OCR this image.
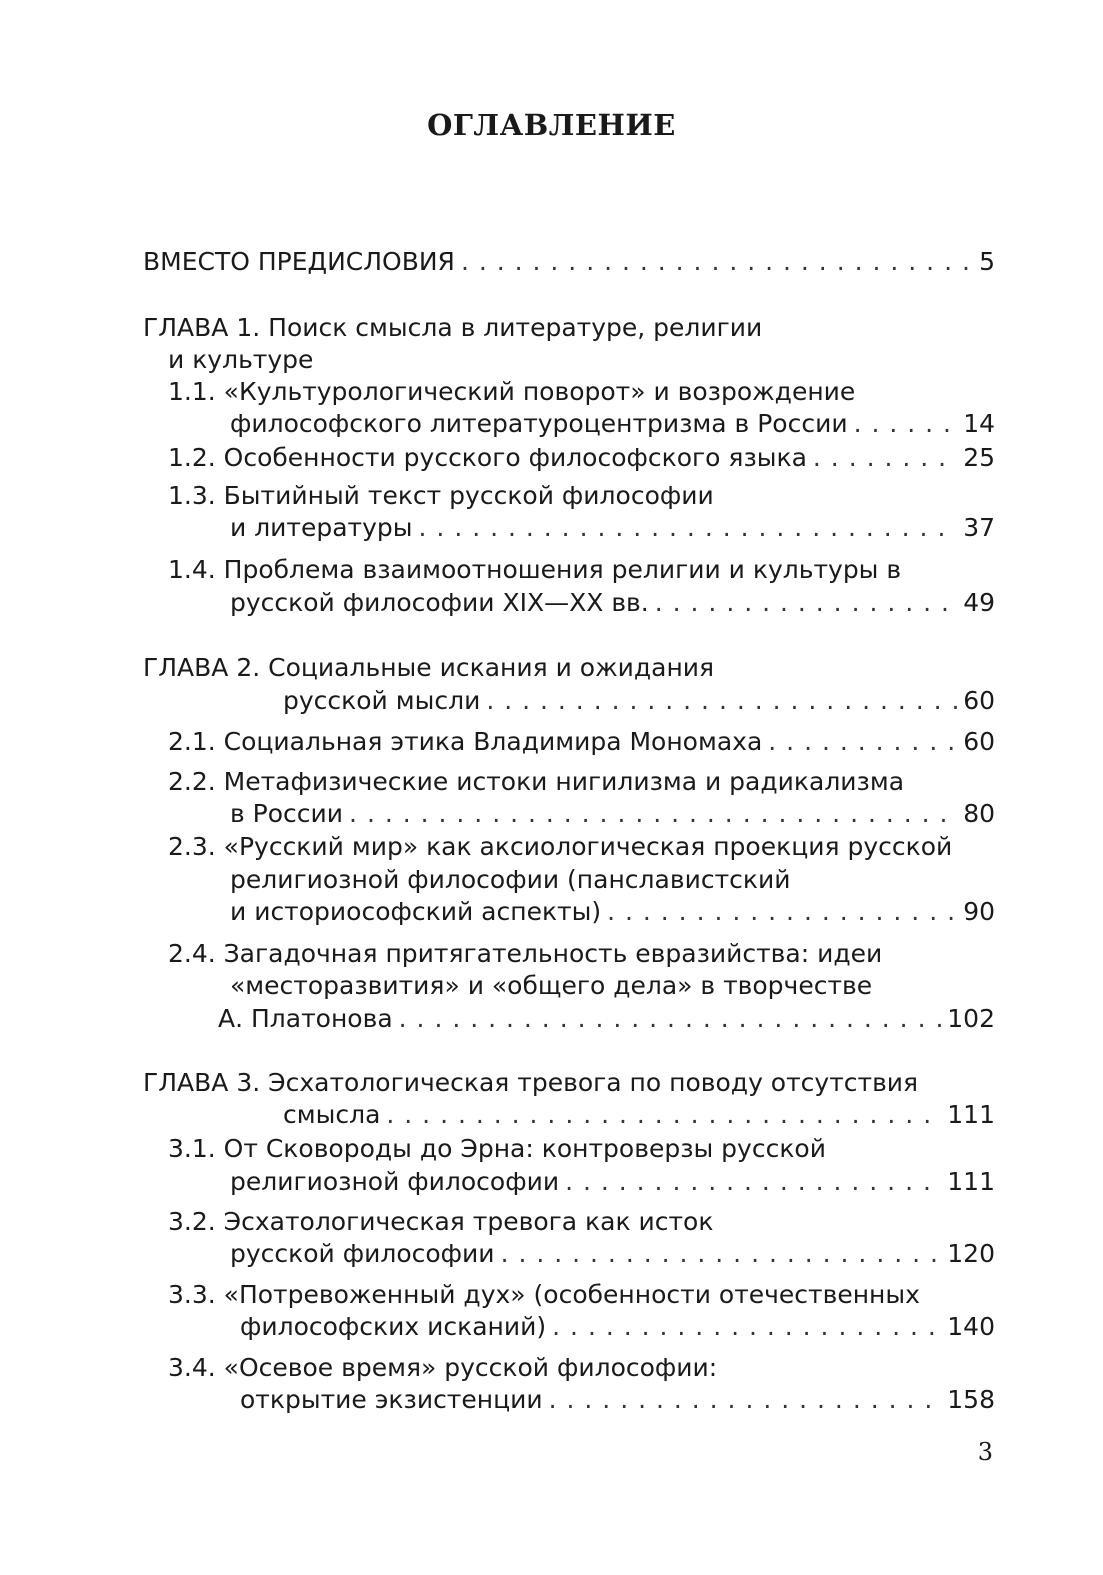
ОГЛАВЛЕНИЕ
ВМЕСТО ПРЕДИСЛОВИЯ . . .	5
ГЛАВА 1. Поиск смысла в литературе, религии
и культуре
1.1. «Культурологический поворот» и возрождение
философского литературоцентризма в России . . .	14
1.2. Особенности русского философского языка . . .	25
1.3. Бытийный текст русской философии
и литературы . . .	37
1.4. Проблема взаимоотношения религии и культуры в
русской философии XIX—XX вв. . . .	49
ГЛАВА 2. Социальные искания и ожидания
русской мысли . . .	60
2.1. Социальная этика Владимира Мономаха . . .	60
2.2. Метафизические истоки нигилизма и радикализма
в России . . .	80
2.3. «Русский мир» как аксиологическая проекция русской
религиозной философии (панславистский
и историософский аспекты) . . .	90
2.4. Загадочная притягательность евразийства: идеи
«месторазвития» и «общего дела» в творчестве
А. Платонова . . .	102
ГЛАВА 3. Эсхатологическая тревога по поводу отсутствия
смысла . . .	111
3.1. От Сковороды до Эрна: контроверзы русской
религиозной философии . . .	111
3.2. Эсхатологическая тревога как исток
русской философии . . .	120
3.3. «Потревоженный дух» (особенности отечественных
философских исканий) . . .	140
3.4. «Осевое время» русской философии:
открытие экзистенции . . .	158
3
